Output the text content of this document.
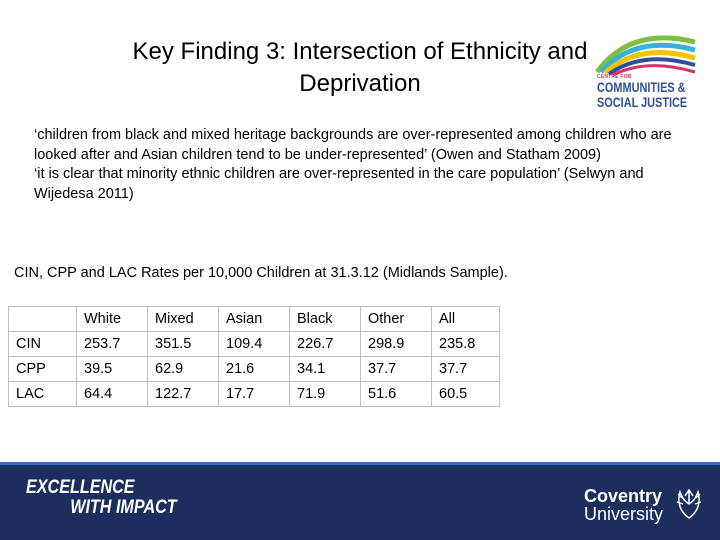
Key Finding 3: Intersection of Ethnicity and
Deprivation	CENTRE FOR
COMMUNITIES &
SOCIAL JUSTICE

‘children from black and mixed heritage backgrounds are over-represented among children who are looked after and Asian children tend to be under-represented’ (Owen and Statham 2009)

‘it is clear that minority ethnic children are over-represented in the care population’ (Selwyn and Wijedesa 2011)

CIN, CPP and LAC Rates per 10,000 Children at 31.3.12 (Midlands Sample).
	White	Mixed	Asian	Black	Other	All
CIN	253.7	351.5	109.4	226.7	298.9	235.8
CPP	39.5	62.9	21.6	34.1	37.7	37.7
LAC	64.4	122.7	17.7	71.9	51.6	60.5
EXCELLENCE
WITH IMPACT
Coventry
University
